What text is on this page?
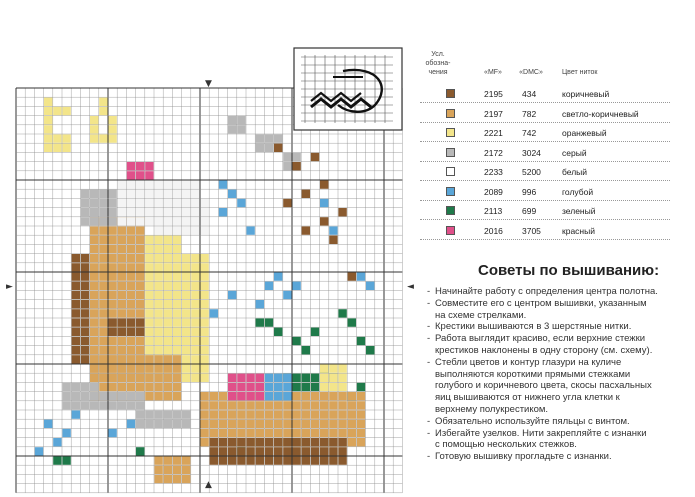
▼
▲
►	◄
Усл. обозна-чения	«MF»	«DMC»	Цвет ниток
2195 434	коричневый
2197 782	светло-коричневый
2221 742	оранжевый
2172 3024 серый
2233 5200 белый
2089 996	голубой
2113 699	зеленый
2016 3705 красный
Советы по вышиванию:
- Начинайте работу с определения центра полотна.
- Совместите его с центром вышивки, указанным
на схеме стрелками.
- Крестики вышиваются в 3 шерстяные нитки.
- Работа выглядит красиво, если верхние стежки
крестиков наклонены в одну сторону (см. схему).
- Стебли цветов и контур глазури на куличе
выполняются короткими прямыми стежками
голубого и коричневого цвета, скосы пасхальных
яиц вышиваются от нижнего угла клетки к
верхнему полукрестиком.
- Обязательно используйте пяльцы с винтом.
- Избегайте узелков. Нити закрепляйте с изнанки
с помощью нескольких стежков.
- Готовую вышивку прогладьте с изнанки.
